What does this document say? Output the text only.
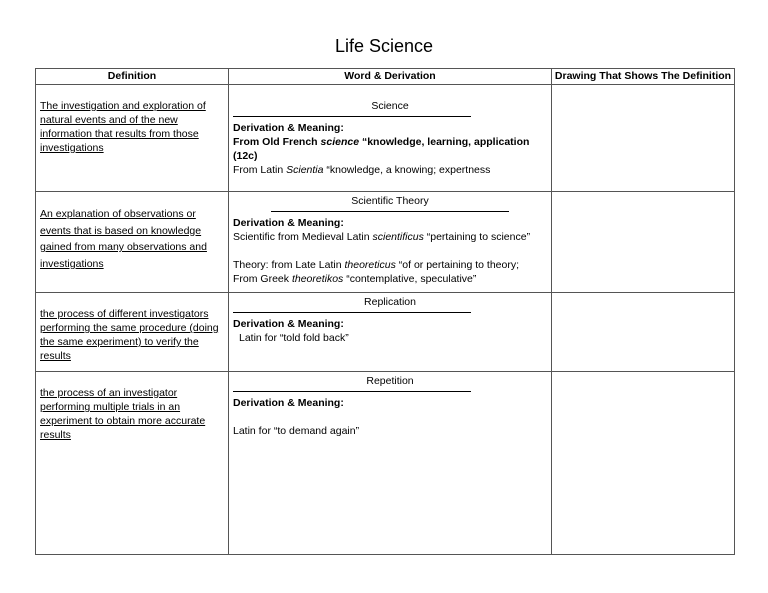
Life Science
Definition	Word & Derivation	Drawing That Shows The Definition

The investigation and exploration of natural events and of the new information that results from those investigations	Science
Derivation & Meaning:
From Old French science “knowledge, learning, application (12c)
From Latin Scientia “knowledge, a knowing; expertness	

An explanation of observations or events that is based on knowledge gained from many observations and investigations	Scientific Theory
Derivation & Meaning:
Scientific from Medieval Latin scientificus “pertaining to science”
Theory: from Late Latin theoreticus “of or pertaining to theory;
From Greek theoretikos “contemplative, speculative”	

the process of different investigators performing the same procedure (doing the same experiment) to verify the results	Replication
Derivation & Meaning:
Latin for “told fold back”	

the process of an investigator performing multiple trials in an experiment to obtain more accurate results	Repetition
Derivation & Meaning:
Latin for “to demand again”	
